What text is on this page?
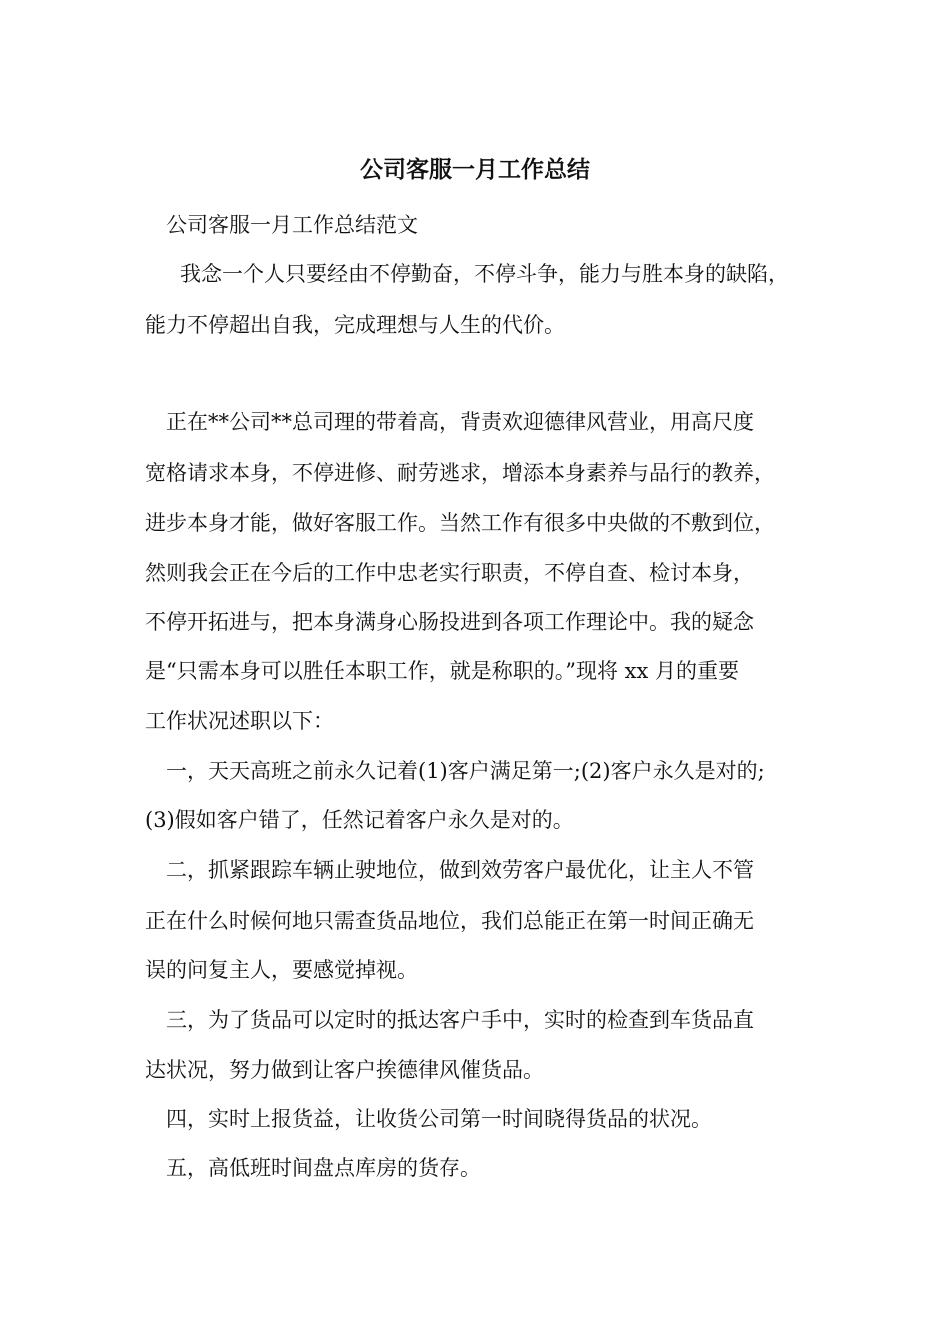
公司客服一月工作总结
公司客服一月工作总结范文
我念一个人只要经由不停勤奋，不停斗争，能力与胜本身的缺陷，
能力不停超出自我，完成理想与人生的代价。
正在**公司**总司理的带着高，背责欢迎德律风营业，用高尺度
宽格请求本身，不停进修、耐劳逃求，增添本身素养与品行的教养，
进步本身才能，做好客服工作。当然工作有很多中央做的不敷到位，
然则我会正在今后的工作中忠老实行职责，不停自查、检讨本身，
不停开拓进与，把本身满身心肠投进到各项工作理论中。我的疑念
是“只需本身可以胜任本职工作，就是称职的。”现将 xx 月的重要
工作状况述职以下：
一，天天高班之前永久记着(1)客户满足第一;(2)客户永久是对的;
(3)假如客户错了，任然记着客户永久是对的。
二，抓紧跟踪车辆止驶地位，做到效劳客户最优化，让主人不管
正在什么时候何地只需查货品地位，我们总能正在第一时间正确无
误的问复主人，要感觉掉视。
三，为了货品可以定时的抵达客户手中，实时的检查到车货品直
达状况，努力做到让客户挨德律风催货品。
四，实时上报货益，让收货公司第一时间晓得货品的状况。
五，高低班时间盘点库房的货存。
